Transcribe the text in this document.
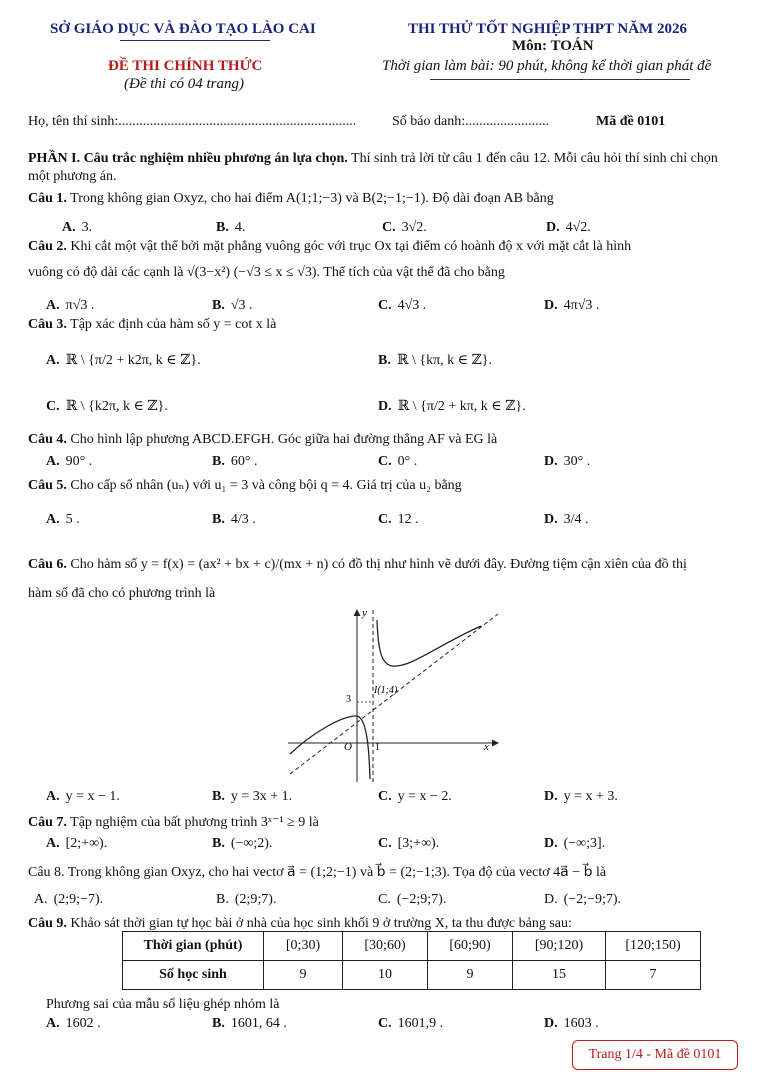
SỞ GIÁO DỤC VÀ ĐÀO TẠO LÀO CAI	THI THỬ TỐT NGHIỆP THPT NĂM 2026
Môn: TOÁN
ĐỀ THI CHÍNH THỨC
(Đề thi có 04 trang)
Thời gian làm bài: 90 phút, không kể thời gian phát đề
Họ, tên thí sinh:....................................................................	Số báo danh:........................	Mã đề 0101
PHẦN I. Câu trắc nghiệm nhiều phương án lựa chọn. Thí sinh trả lời từ câu 1 đến câu 12. Mỗi câu hỏi thí sinh chỉ chọn một phương án.
Câu 1. Trong không gian Oxyz, cho hai điểm A(1;1;−3) và B(2;−1;−1). Độ dài đoạn AB bằng
A. 3.	B. 4.	C. 3√2.	D. 4√2.
Câu 2. Khi cắt một vật thể bởi mặt phẳng vuông góc với trục Ox tại điểm có hoành độ x với mặt cắt là hình
vuông có độ dài các cạnh là √(3−x²) (−√3 ≤ x ≤ √3). Thể tích của vật thể đã cho bằng
A. π√3 .	B. √3 .	C. 4√3 .	D. 4π√3 .
Câu 3. Tập xác định của hàm số y = cot x là
A. ℝ \ {π/2 + k2π, k ∈ ℤ}.	B. ℝ \ {kπ, k ∈ ℤ}.
C. ℝ \ {k2π, k ∈ ℤ}.	D. ℝ \ {π/2 + kπ, k ∈ ℤ}.
Câu 4. Cho hình lập phương ABCD.EFGH. Góc giữa hai đường thẳng AF và EG là
A. 90° .	B. 60° .	C. 0° .	D. 30° .
Câu 5. Cho cấp số nhân (uₙ) với u₁ = 3 và công bội q = 4. Giá trị của u₂ bằng
A. 5 .	B. 4/3 .	C. 12 .	D. 3/4 .
Câu 6. Cho hàm số y = f(x) = (ax² + bx + c)/(mx + n) có đồ thị như hình vẽ dưới đây. Đường tiệm cận xiên của đồ thị
hàm số đã cho có phương trình là
y
x
O 1
3
I(1;4)
A. y = x − 1.	B. y = 3x + 1.	C. y = x − 2.	D. y = x + 3.
Câu 7. Tập nghiệm của bất phương trình 3ˣ⁻¹ ≥ 9 là
A. [2;+∞).	B. (−∞;2).	C. [3;+∞).	D. (−∞;3].
Câu 8. Trong không gian Oxyz, cho hai vectơ a⃗ = (1;2;−1) và b⃗ = (2;−1;3). Tọa độ của vectơ 4a⃗ − b⃗ là
A. (2;9;−7).	B. (2;9;7).	C. (−2;9;7).	D. (−2;−9;7).
Câu 9. Khảo sát thời gian tự học bài ở nhà của học sinh khối 9 ở trường X, ta thu được bảng sau:
Thời gian (phút)	[0;30)	[30;60)	[60;90)	[90;120)	[120;150)
Số học sinh	9	10	9	15	7
Phương sai của mẫu số liệu ghép nhóm là
A. 1602 .	B. 1601, 64 .	C. 1601,9 .	D. 1603 .
Trang 1/4 - Mã đề 0101
